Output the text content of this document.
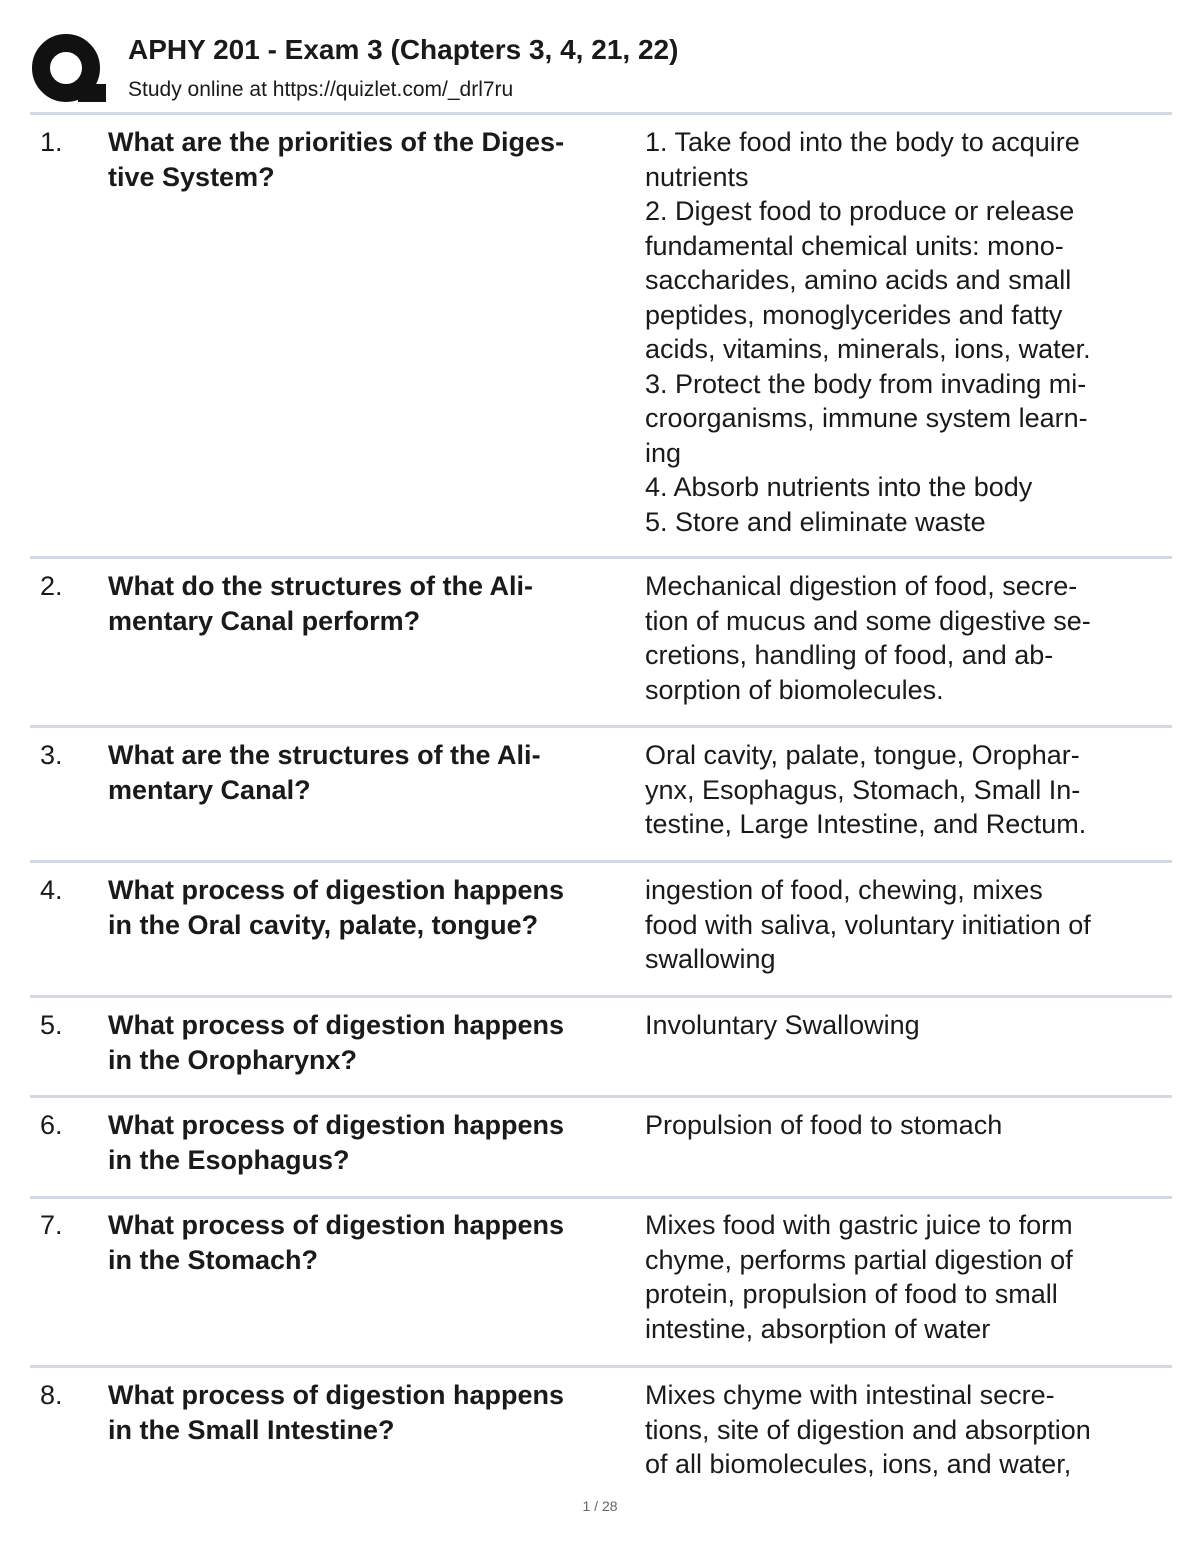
APHY 201 - Exam 3 (Chapters 3, 4, 21, 22)
Study online at https://quizlet.com/_drl7ru
1. What are the priorities of the Diges-
tive System?
1. Take food into the body to acquire
nutrients
2. Digest food to produce or release
fundamental chemical units: mono-
saccharides, amino acids and small
peptides, monoglycerides and fatty
acids, vitamins, minerals, ions, water.
3. Protect the body from invading mi-
croorganisms, immune system learn-
ing
4. Absorb nutrients into the body
5. Store and eliminate waste
2. What do the structures of the Ali-
mentary Canal perform?
Mechanical digestion of food, secre-
tion of mucus and some digestive se-
cretions, handling of food, and ab-
sorption of biomolecules.
3. What are the structures of the Ali-
mentary Canal?
Oral cavity, palate, tongue, Orophar-
ynx, Esophagus, Stomach, Small In-
testine, Large Intestine, and Rectum.
4. What process of digestion happens
in the Oral cavity, palate, tongue?
ingestion of food, chewing, mixes
food with saliva, voluntary initiation of
swallowing
5. What process of digestion happens
in the Oropharynx?
Involuntary Swallowing
6. What process of digestion happens
in the Esophagus?
Propulsion of food to stomach
7. What process of digestion happens
in the Stomach?
Mixes food with gastric juice to form
chyme, performs partial digestion of
protein, propulsion of food to small
intestine, absorption of water
8. What process of digestion happens
in the Small Intestine?
Mixes chyme with intestinal secre-
tions, site of digestion and absorption
of all biomolecules, ions, and water,
1 / 28
